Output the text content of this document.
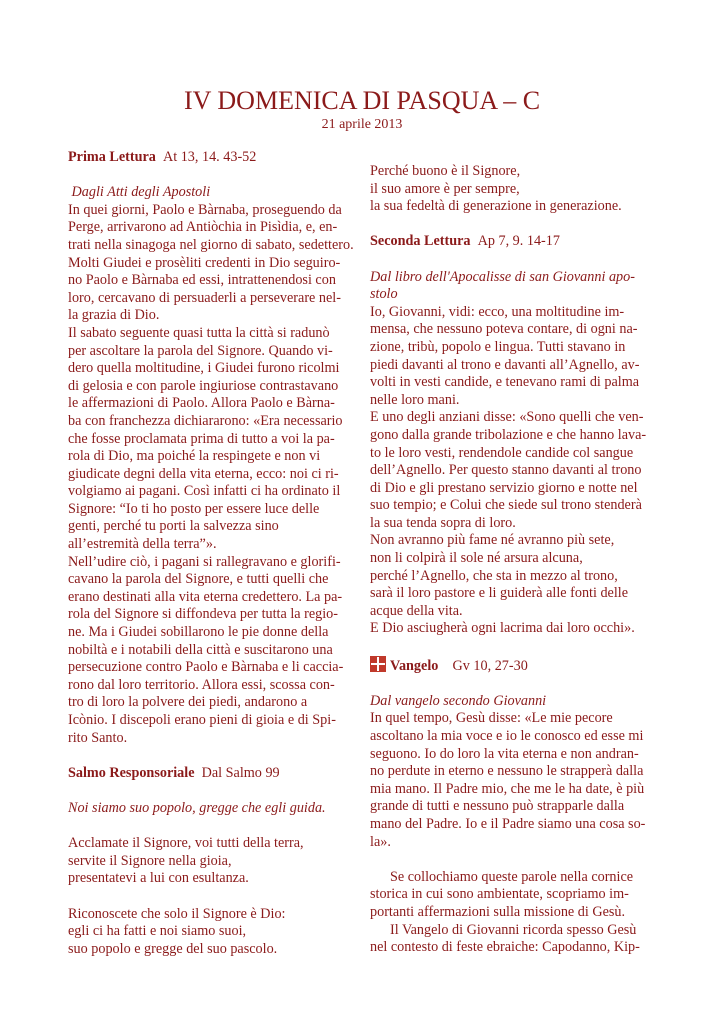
IV DOMENICA DI PASQUA – C
21 aprile 2013

Prima Lettura At 13, 14. 43-52

Dagli Atti degli Apostoli

In quei giorni, Paolo e Bàrnaba, proseguendo da
Perge, arrivarono ad Antiòchia in Pisìdia, e, en-
trati nella sinagoga nel giorno di sabato, sedettero.
Molti Giudei e prosèliti credenti in Dio seguiro-
no Paolo e Bàrnaba ed essi, intrattenendosi con
loro, cercavano di persuaderli a perseverare nel-
la grazia di Dio.
Il sabato seguente quasi tutta la città si radunò
per ascoltare la parola del Signore. Quando vi-
dero quella moltitudine, i Giudei furono ricolmi
di gelosia e con parole ingiuriose contrastavano
le affermazioni di Paolo. Allora Paolo e Bàrna-
ba con franchezza dichiararono: «Era necessario
che fosse proclamata prima di tutto a voi la pa-
rola di Dio, ma poiché la respingete e non vi
giudicate degni della vita eterna, ecco: noi ci ri-
volgiamo ai pagani. Così infatti ci ha ordinato il
Signore: “Io ti ho posto per essere luce delle
genti, perché tu porti la salvezza sino
all’estremità della terra”».
Nell’udire ciò, i pagani si rallegravano e glorifi-
cavano la parola del Signore, e tutti quelli che
erano destinati alla vita eterna credettero. La pa-
rola del Signore si diffondeva per tutta la regio-
ne. Ma i Giudei sobillarono le pie donne della
nobiltà e i notabili della città e suscitarono una
persecuzione contro Paolo e Bàrnaba e li caccia-
rono dal loro territorio. Allora essi, scossa con-
tro di loro la polvere dei piedi, andarono a
Icònio. I discepoli erano pieni di gioia e di Spi-
rito Santo.

Salmo Responsoriale Dal Salmo 99

Noi siamo suo popolo, gregge che egli guida.

Acclamate il Signore, voi tutti della terra,
servite il Signore nella gioia,
presentatevi a lui con esultanza.
Riconoscete che solo il Signore è Dio:
egli ci ha fatti e noi siamo suoi,
suo popolo e gregge del suo pascolo.
Perché buono è il Signore,
il suo amore è per sempre,
la sua fedeltà di generazione in generazione.

Seconda Lettura Ap 7, 9. 14-17

Dal libro dell'Apocalisse di san Giovanni apo-
stolo
Io, Giovanni, vidi: ecco, una moltitudine im-
mensa, che nessuno poteva contare, di ogni na-
zione, tribù, popolo e lingua. Tutti stavano in
piedi davanti al trono e davanti all’Agnello, av-
volti in vesti candide, e tenevano rami di palma
nelle loro mani.
E uno degli anziani disse: «Sono quelli che ven-
gono dalla grande tribolazione e che hanno lava-
to le loro vesti, rendendole candide col sangue
dell’Agnello. Per questo stanno davanti al trono
di Dio e gli prestano servizio giorno e notte nel
suo tempio; e Colui che siede sul trono stenderà
la sua tenda sopra di loro.
Non avranno più fame né avranno più sete,
non li colpirà il sole né arsura alcuna,
perché l’Agnello, che sta in mezzo al trono,
sarà il loro pastore e li guiderà alle fonti delle
acque della vita.
E Dio asciugherà ogni lacrima dai loro occhi».

Vangelo Gv 10, 27-30

Dal vangelo secondo Giovanni

In quel tempo, Gesù disse: «Le mie pecore
ascoltano la mia voce e io le conosco ed esse mi
seguono. Io do loro la vita eterna e non andran-
no perdute in eterno e nessuno le strapperà dalla
mia mano. Il Padre mio, che me le ha date, è più
grande di tutti e nessuno può strapparle dalla
mano del Padre. Io e il Padre siamo una cosa so-
la».
Se collochiamo queste parole nella cornice
storica in cui sono ambientate, scopriamo im-
portanti affermazioni sulla missione di Gesù.
Il Vangelo di Giovanni ricorda spesso Gesù
nel contesto di feste ebraiche: Capodanno, Kip-
